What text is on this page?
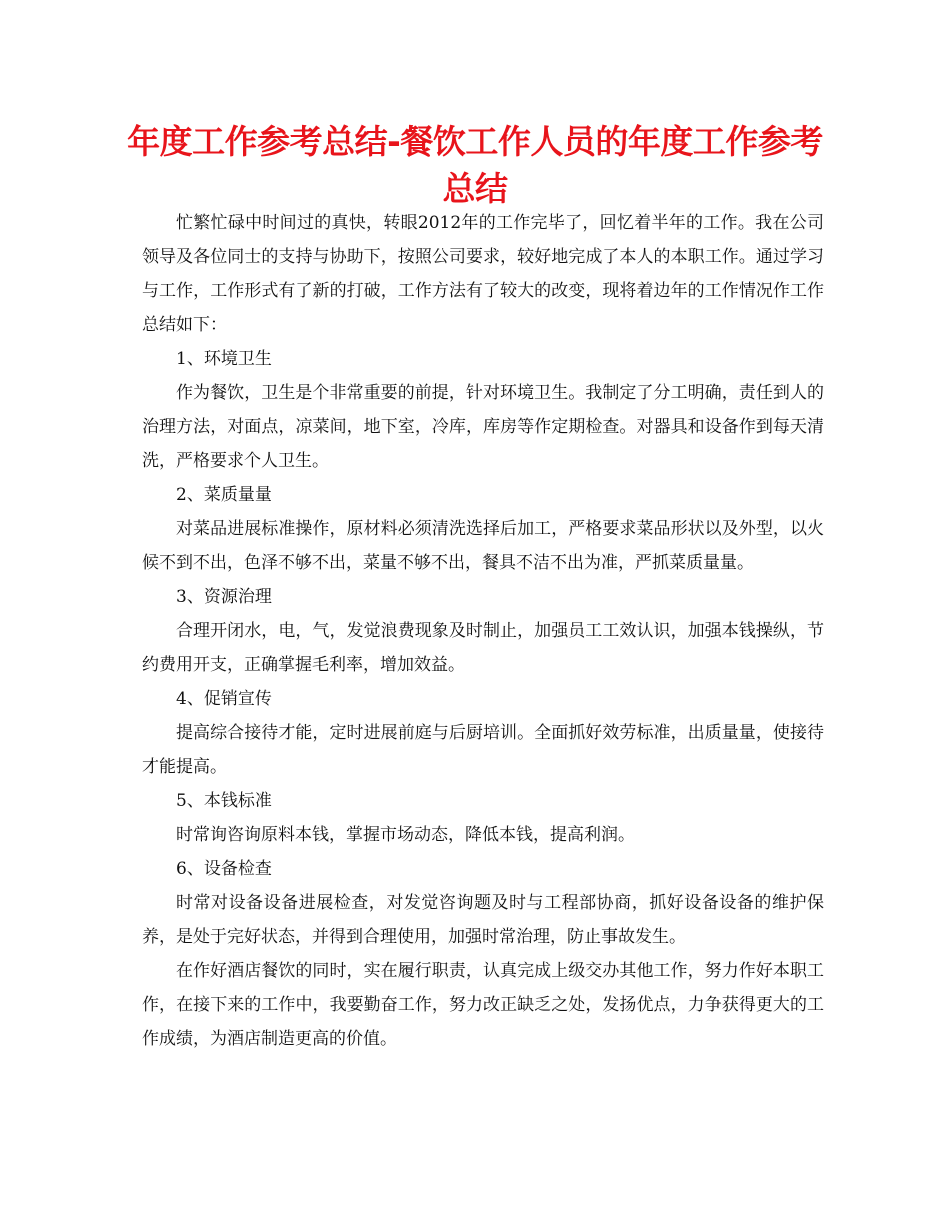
年度工作参考总结-餐饮工作人员的年度工作参考总结

忙繁忙碌中时间过的真快，转眼2012年的工作完毕了，回忆着半年的工作。我在公司领导及各位同士的支持与协助下，按照公司要求，较好地完成了本人的本职工作。通过学习与工作，工作形式有了新的打破，工作方法有了较大的改变，现将着边年的工作情况作工作总结如下：

1、环境卫生

作为餐饮，卫生是个非常重要的前提，针对环境卫生。我制定了分工明确，责任到人的治理方法，对面点，凉菜间，地下室，冷库，库房等作定期检查。对器具和设备作到每天清洗，严格要求个人卫生。

2、菜质量量

对菜品进展标准操作，原材料必须清洗选择后加工，严格要求菜品形状以及外型，以火候不到不出，色泽不够不出，菜量不够不出，餐具不洁不出为准，严抓菜质量量。

3、资源治理

合理开闭水，电，气，发觉浪费现象及时制止，加强员工工效认识，加强本钱操纵，节约费用开支，正确掌握毛利率，增加效益。

4、促销宣传

提高综合接待才能，定时进展前庭与后厨培训。全面抓好效劳标准，出质量量，使接待才能提高。

5、本钱标准

时常询咨询原料本钱，掌握市场动态，降低本钱，提高利润。

6、设备检查

时常对设备设备进展检查，对发觉咨询题及时与工程部协商，抓好设备设备的维护保养，是处于完好状态，并得到合理使用，加强时常治理，防止事故发生。

在作好酒店餐饮的同时，实在履行职责，认真完成上级交办其他工作，努力作好本职工作，在接下来的工作中，我要勤奋工作，努力改正缺乏之处，发扬优点，力争获得更大的工作成绩，为酒店制造更高的价值。
